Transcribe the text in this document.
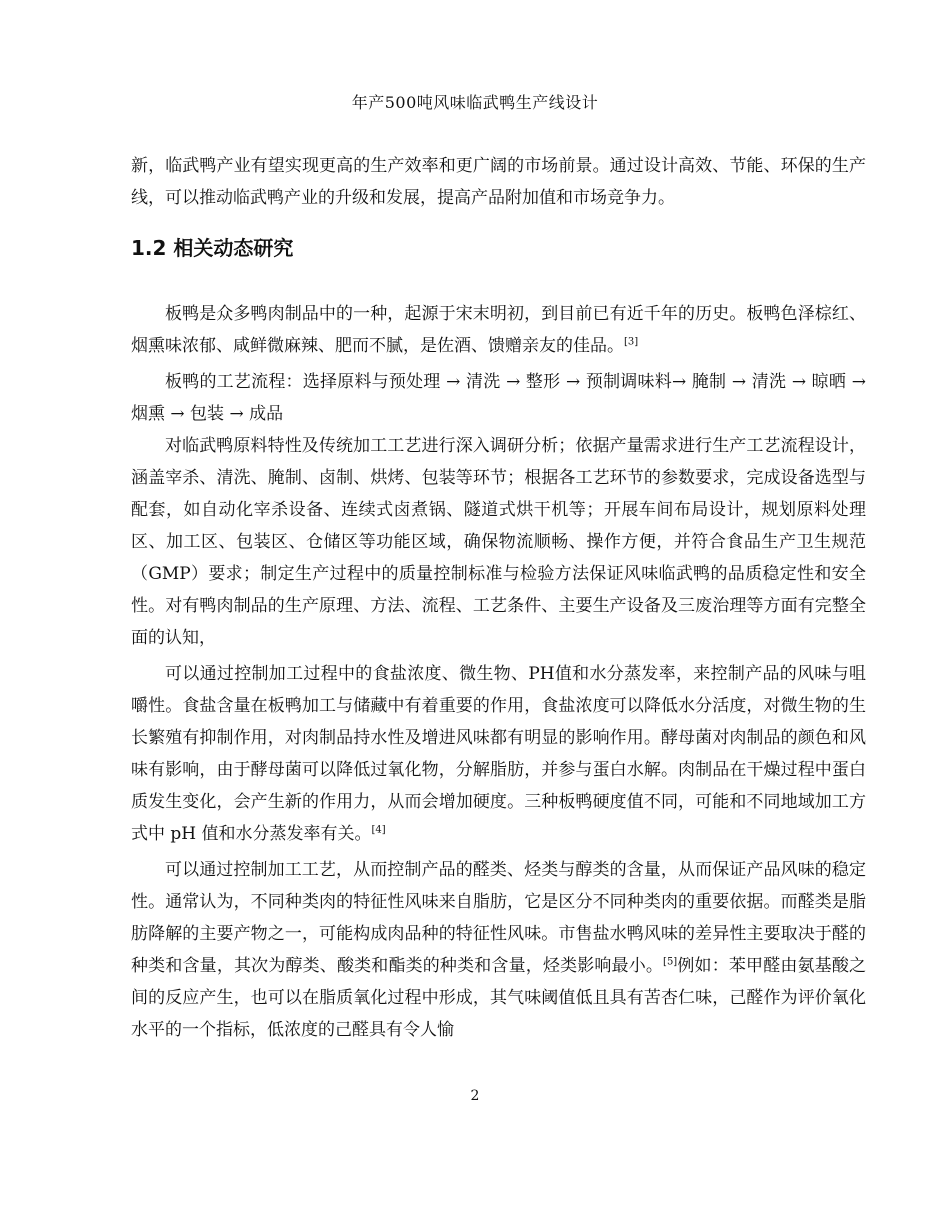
年产500吨风味临武鸭生产线设计

新，临武鸭产业有望实现更高的生产效率和更广阔的市场前景。通过设计高效、节能、环保的生产线，可以推动临武鸭产业的升级和发展，提高产品附加值和市场竞争力。

1.2 相关动态研究

板鸭是众多鸭肉制品中的一种，起源于宋末明初，到目前已有近千年的历史。板鸭色泽棕红、烟熏味浓郁、咸鲜微麻辣、肥而不腻，是佐酒、馈赠亲友的佳品。[3]

板鸭的工艺流程：选择原料与预处理 → 清洗 → 整形 → 预制调味料→ 腌制 → 清洗 → 晾晒 → 烟熏 → 包装 → 成品

对临武鸭原料特性及传统加工工艺进行深入调研分析；依据产量需求进行生产工艺流程设计，涵盖宰杀、清洗、腌制、卤制、烘烤、包装等环节；根据各工艺环节的参数要求，完成设备选型与配套，如自动化宰杀设备、连续式卤煮锅、隧道式烘干机等；开展车间布局设计，规划原料处理区、加工区、包装区、仓储区等功能区域，确保物流顺畅、操作方便，并符合食品生产卫生规范（GMP）要求；制定生产过程中的质量控制标准与检验方法保证风味临武鸭的品质稳定性和安全性。对有鸭肉制品的生产原理、方法、流程、工艺条件、主要生产设备及三废治理等方面有完整全面的认知，

可以通过控制加工过程中的食盐浓度、微生物、PH值和水分蒸发率，来控制产品的风味与咀嚼性。食盐含量在板鸭加工与储藏中有着重要的作用，食盐浓度可以降低水分活度，对微生物的生长繁殖有抑制作用，对肉制品持水性及增进风味都有明显的影响作用。酵母菌对肉制品的颜色和风味有影响，由于酵母菌可以降低过氧化物，分解脂肪，并参与蛋白水解。肉制品在干燥过程中蛋白质发生变化，会产生新的作用力，从而会增加硬度。三种板鸭硬度值不同，可能和不同地域加工方式中 pH 值和水分蒸发率有关。[4]

可以通过控制加工工艺，从而控制产品的醛类、烃类与醇类的含量，从而保证产品风味的稳定性。通常认为，不同种类肉的特征性风味来自脂肪，它是区分不同种类肉的重要依据。而醛类是脂肪降解的主要产物之一，可能构成肉品种的特征性风味。市售盐水鸭风味的差异性主要取决于醛的种类和含量，其次为醇类、酸类和酯类的种类和含量，烃类影响最小。[5]例如：苯甲醛由氨基酸之间的反应产生，也可以在脂质氧化过程中形成，其气味阈值低且具有苦杏仁味，己醛作为评价氧化水平的一个指标，低浓度的己醛具有令人愉

2
